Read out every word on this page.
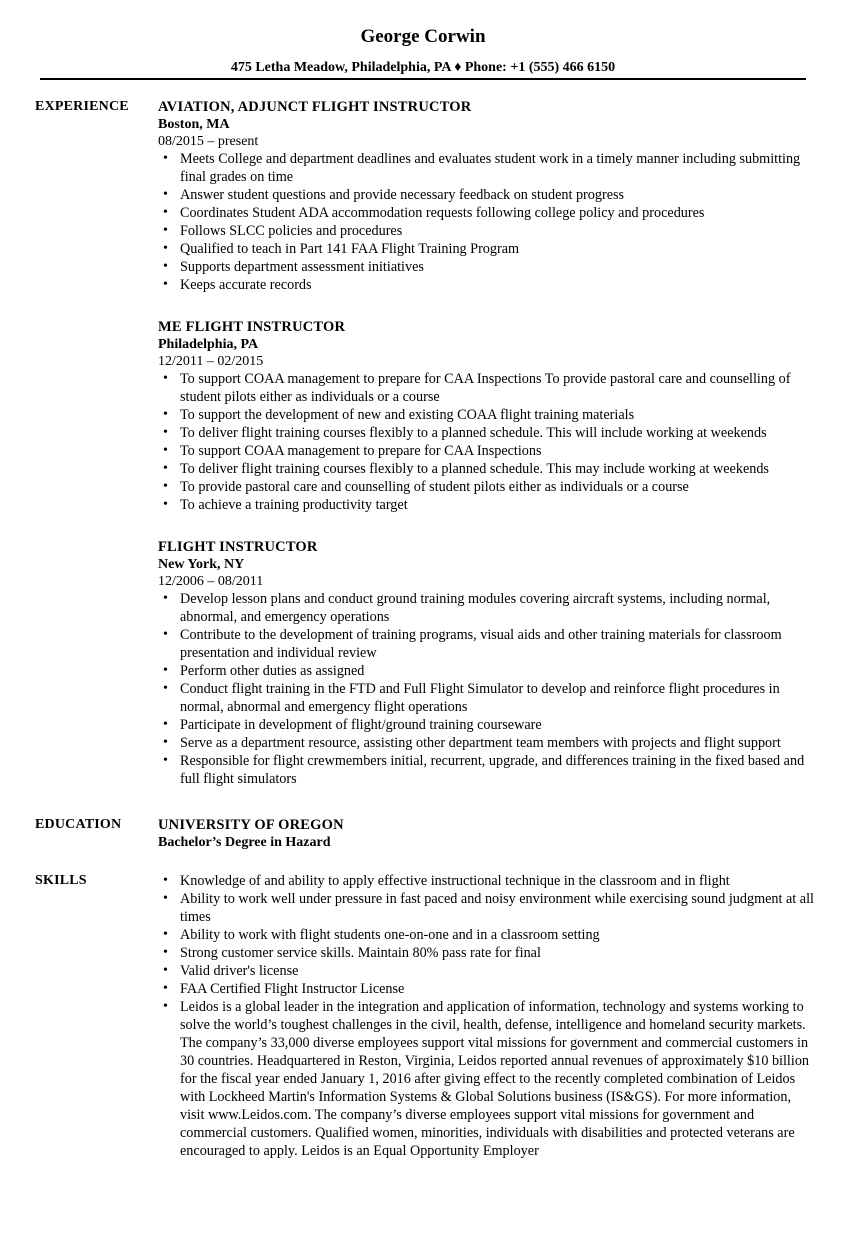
George Corwin
475 Letha Meadow, Philadelphia, PA ♦ Phone: +1 (555) 466 6150
EXPERIENCE AVIATION, ADJUNCT FLIGHT INSTRUCTOR
Boston, MA
08/2015 – present
• Meets College and department deadlines and evaluates student work in a timely manner including submitting final grades on time
• Answer student questions and provide necessary feedback on student progress
• Coordinates Student ADA accommodation requests following college policy and procedures
• Follows SLCC policies and procedures
• Qualified to teach in Part 141 FAA Flight Training Program
• Supports department assessment initiatives
• Keeps accurate records
ME FLIGHT INSTRUCTOR
Philadelphia, PA
12/2011 – 02/2015
• To support COAA management to prepare for CAA Inspections To provide pastoral care and counselling of student pilots either as individuals or a course
• To support the development of new and existing COAA flight training materials
• To deliver flight training courses flexibly to a planned schedule. This will include working at weekends
• To support COAA management to prepare for CAA Inspections
• To deliver flight training courses flexibly to a planned schedule. This may include working at weekends
• To provide pastoral care and counselling of student pilots either as individuals or a course
• To achieve a training productivity target
FLIGHT INSTRUCTOR
New York, NY
12/2006 – 08/2011
• Develop lesson plans and conduct ground training modules covering aircraft systems, including normal, abnormal, and emergency operations
• Contribute to the development of training programs, visual aids and other training materials for classroom presentation and individual review
• Perform other duties as assigned
• Conduct flight training in the FTD and Full Flight Simulator to develop and reinforce flight procedures in normal, abnormal and emergency flight operations
• Participate in development of flight/ground training courseware
• Serve as a department resource, assisting other department team members with projects and flight support
• Responsible for flight crewmembers initial, recurrent, upgrade, and differences training in the fixed based and full flight simulators
EDUCATION	UNIVERSITY OF OREGON
Bachelor’s Degree in Hazard
SKILLS
•	Knowledge of and ability to apply effective instructional technique in the classroom and in flight
• Ability to work well under pressure in fast paced and noisy environment while exercising sound judgment at all times
• Ability to work with flight students one-on-one and in a classroom setting
• Strong customer service skills. Maintain 80% pass rate for final
• Valid driver's license
• FAA Certified Flight Instructor License
• Leidos is a global leader in the integration and application of information, technology and systems working to solve the world’s toughest challenges in the civil, health, defense, intelligence and homeland security markets. The company’s 33,000 diverse employees support vital missions for government and commercial customers in 30 countries. Headquartered in Reston, Virginia, Leidos reported annual revenues of approximately $10 billion for the fiscal year ended January 1, 2016 after giving effect to the recently completed combination of Leidos with Lockheed Martin's Information Systems & Global Solutions business (IS&GS). For more information, visit www.Leidos.com. The company’s diverse employees support vital missions for government and commercial customers. Qualified women, minorities, individuals with disabilities and protected veterans are encouraged to apply. Leidos is an Equal Opportunity Employer
